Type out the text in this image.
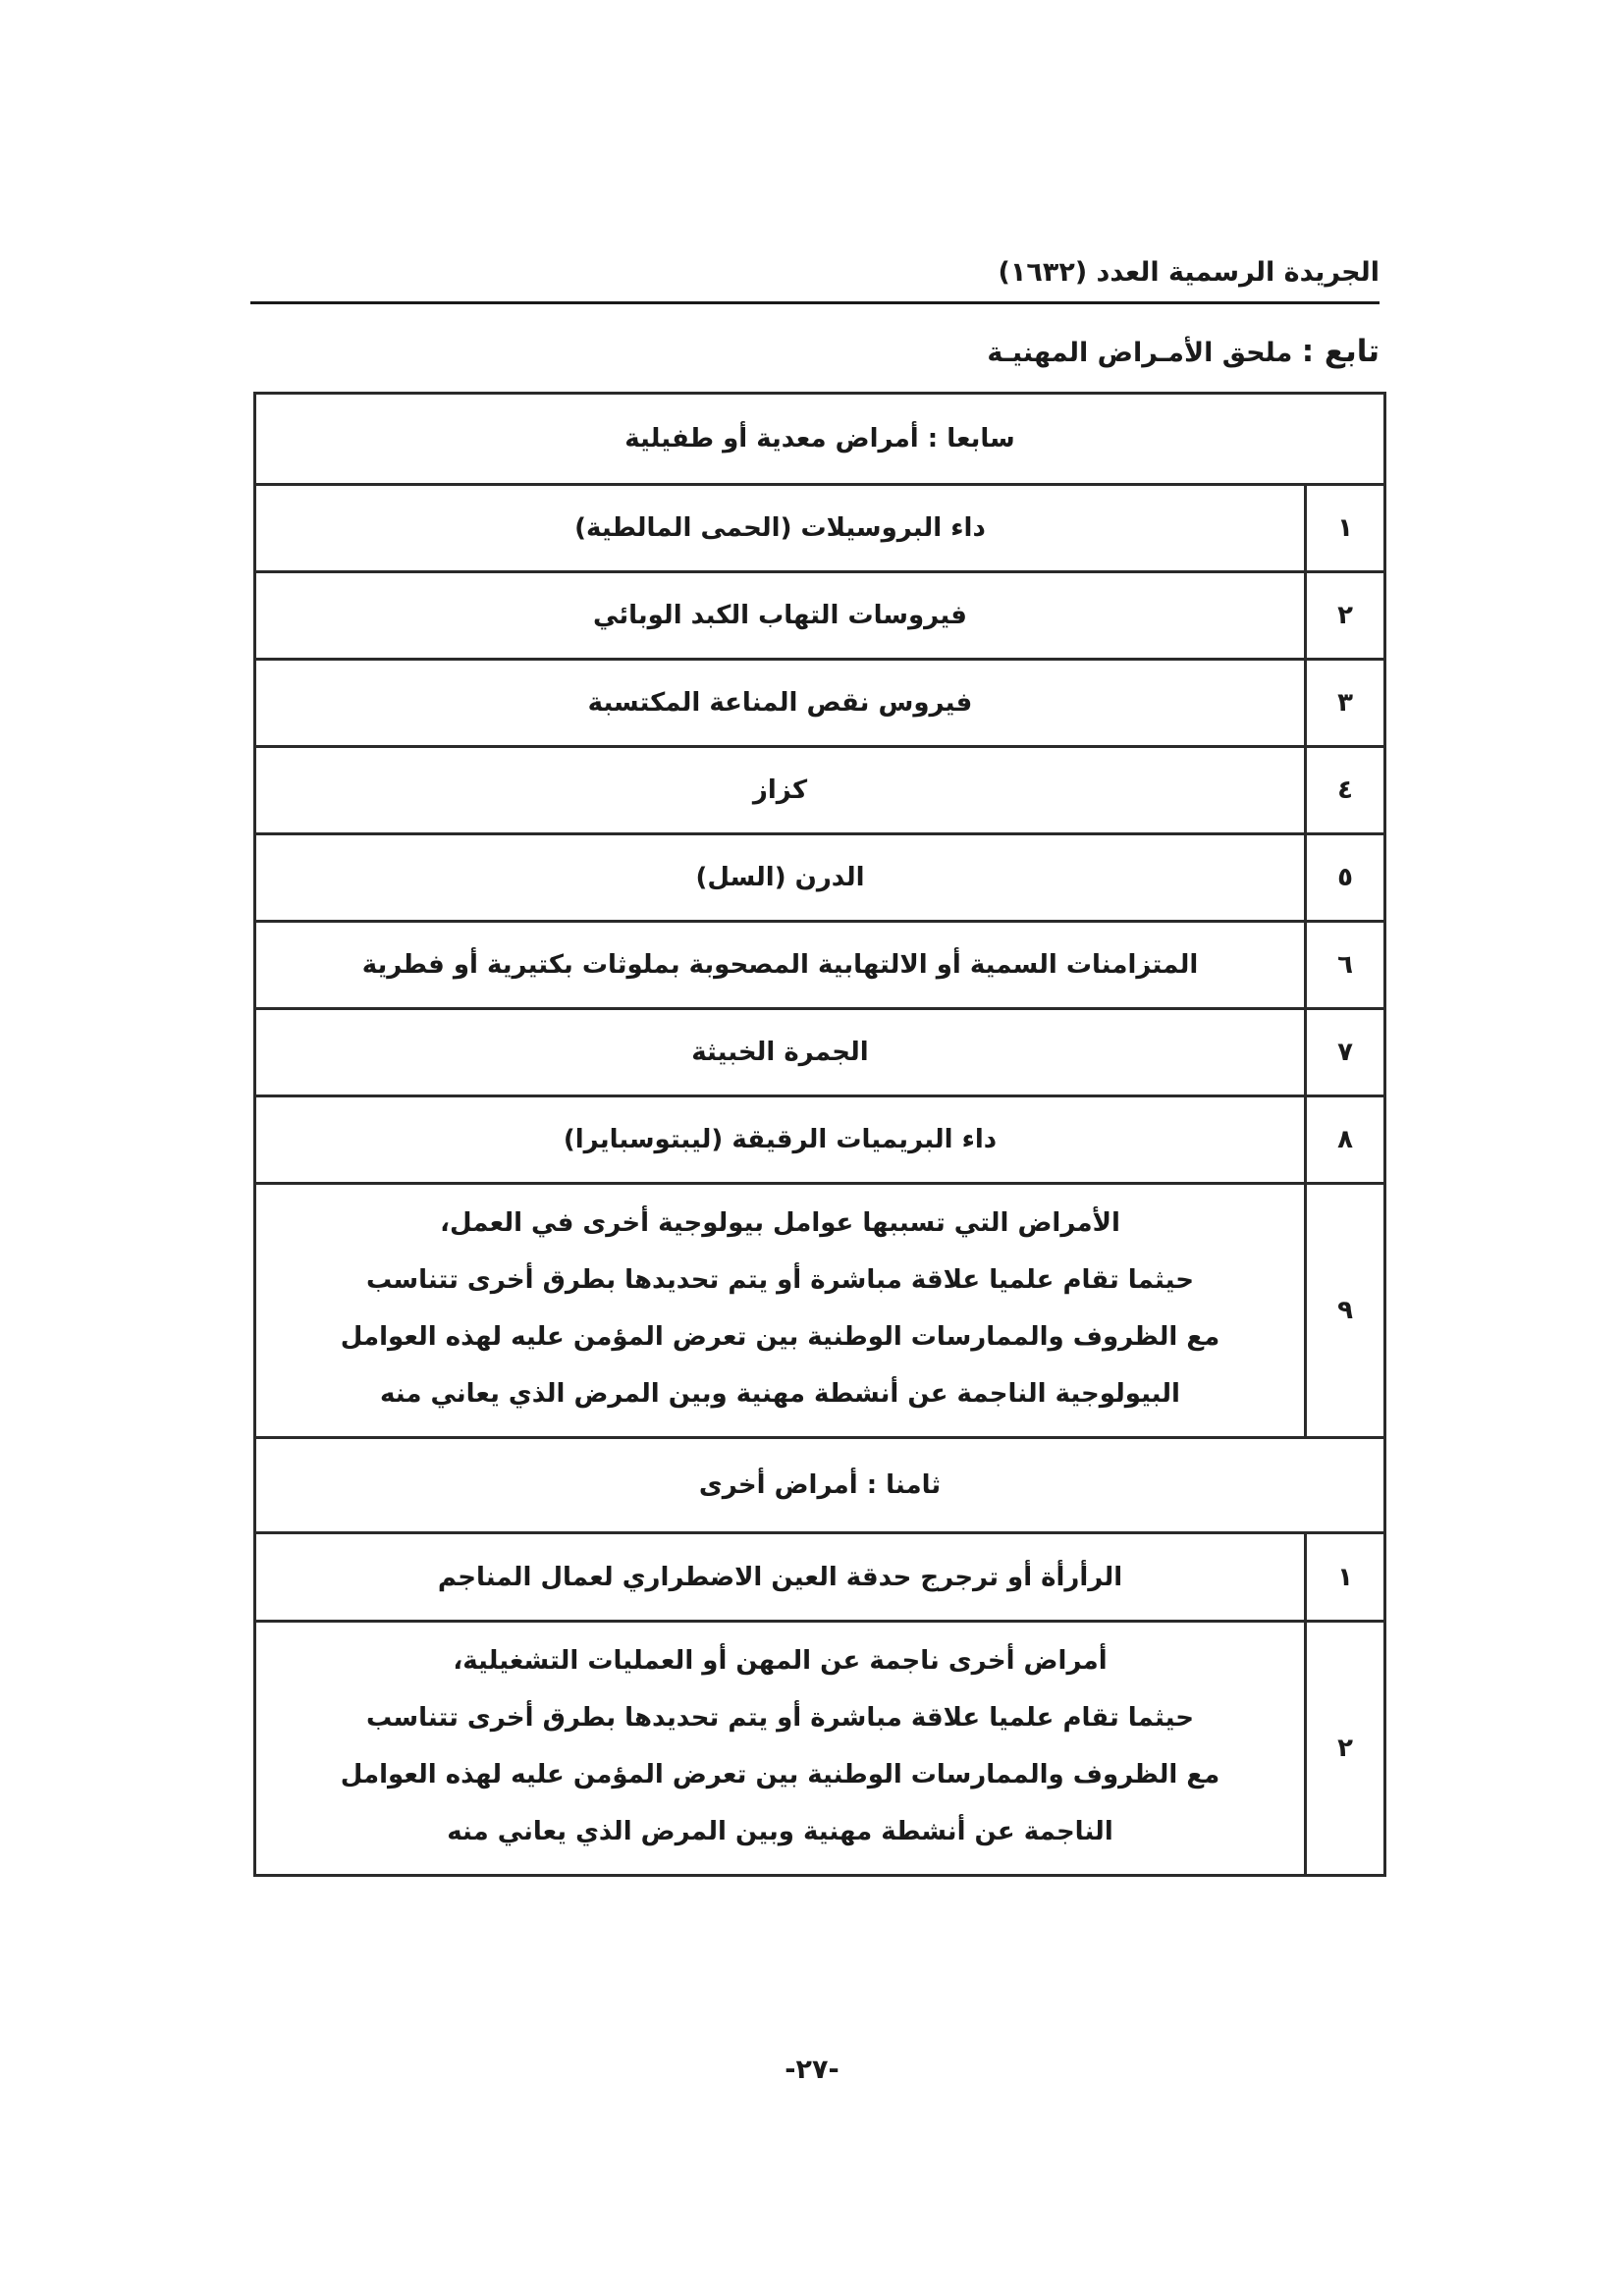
الجريدة الرسمية العدد (١٦٣٢)
تابع : ملحق الأمـراض المهنيـة
سابعا : أمراض معدية أو طفيلية	
١	داء البروسيلات (الحمى المالطية)
٢	فيروسات التهاب الكبد الوبائي
٣	فيروس نقص المناعة المكتسبة
٤	كزاز
٥	الدرن (السل)
٦	المتزامنات السمية أو الالتهابية المصحوبة بملوثات بكتيرية أو فطرية
٧	الجمرة الخبيثة
٨	داء البريميات الرقيقة (ليبتوسبايرا)
٩	الأمراض التي تسببها عوامل بيولوجية أخرى في العمل،
حيثما تقام علميا علاقة مباشرة أو يتم تحديدها بطرق أخرى تتناسب
مع الظروف والممارسات الوطنية بين تعرض المؤمن عليه لهذه العوامل
البيولوجية الناجمة عن أنشطة مهنية وبين المرض الذي يعاني منه

ثامنا : أمراض أخرى	
١	الرأرأة أو ترجرج حدقة العين الاضطراري لعمال المناجم
٢	أمراض أخرى ناجمة عن المهن أو العمليات التشغيلية،
حيثما تقام علميا علاقة مباشرة أو يتم تحديدها بطرق أخرى تتناسب
مع الظروف والممارسات الوطنية بين تعرض المؤمن عليه لهذه العوامل
الناجمة عن أنشطة مهنية وبين المرض الذي يعاني منه
-٢٧-
